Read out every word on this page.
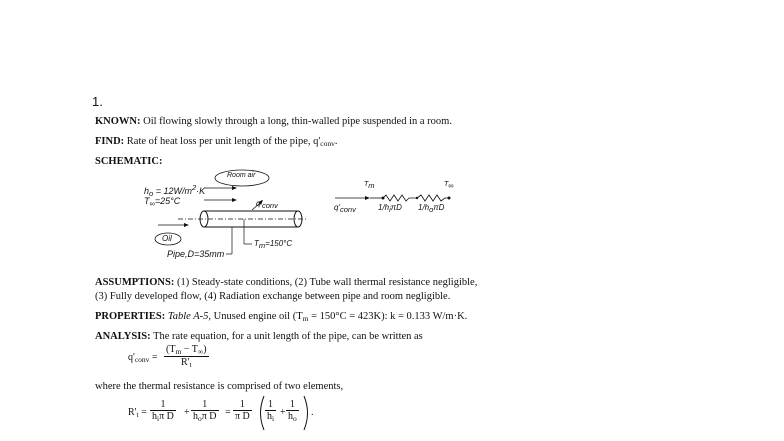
1.
KNOWN: Oil flowing slowly through a long, thin-walled pipe suspended in a room.
FIND: Rate of heat loss per unit length of the pipe, $q'_{conv}$.
SCHEMATIC:
Room air
$h_o = 12W/m^2\cdot K$
$T_\infty=25^\circ C$	$q'_{conv}$
Oil
$T_m=150^\circ C$
Pipe,D=35mm
$q'_{conv}$
$T_m$	$T_\infty$
$1/h_i\pi D$ $1/h_o\pi D$
ASSUMPTIONS: (1) Steady-state conditions, (2) Tube wall thermal resistance negligible,
(3) Fully developed flow, (4) Radiation exchange between pipe and room negligible.
PROPERTIES: Table A-5, Unused engine oil $(T_m = 150^\circ C = 423K)$: k = 0.133 W/m·K.
ANALYSIS: The rate equation, for a unit length of the pipe, can be written as
$q'_{conv} = \frac{(T_m - T_\infty)}{R'_t}$
where the thermal resistance is comprised of two elements,
$R'_t$ =
1
$h_i\pi$ D +
1
$h_o\pi$ $D = \frac{1}{\text{π D}} \frac{1}{h_i} + \frac{1}{h_o}$ .
